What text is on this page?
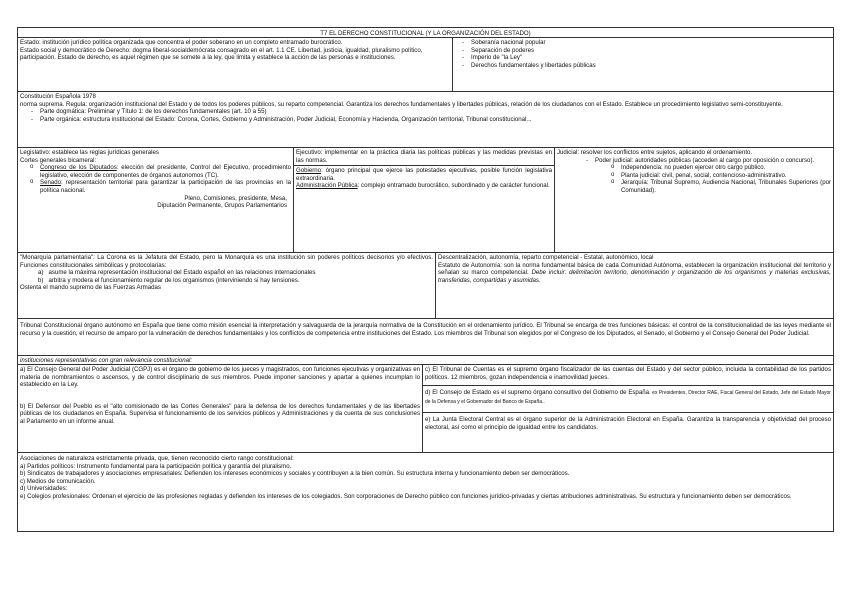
T7 EL DERECHO CONSTITUCIONAL (Y LA ORGANIZACIÓN DEL ESTADO)

Estado: institución jurídico política organizada que concentra el poder soberano en un completo entramado burocrático.

Estado social y democrático de Derecho: dogma liberal-socialdemócrata consagrado en el art. 1.1 CE. Libertad, justicia, igualdad, pluralismo político, participación. Estado de derecho, es aquel régimen que se somete a la ley, que limita y establece la acción de las personas e instituciones.

- Soberanía nacional popular
- Separación de poderes
- Imperio de "la Ley"
- Derechos fundamentales y libertades públicas

Constitución Española 1978

norma suprema. Regula: organización institucional del Estado y de todos los poderes públicos, su reparto competencial. Garantiza los derechos fundamentales y libertades públicas, relación de los ciudadanos con el Estado. Establece un procedimiento legislativo semi-constituyente.

- Parte dogmática: Preliminar y Título 1: de los derechos fundamentales (art. 10 a 55)
- Parte orgánica: estructura institucional del Estado: Corona, Cortes, Gobierno y Administración, Poder Judicial, Economía y Hacienda, Organización territorial, Tribunal constitucional...

Legislativo: establece las reglas jurídicas generales

Cortes generales bicameral:

o Congreso de los Diputados: elección del presidente, Control del Ejecutivo, procedimiento legislativo, elección de componentes de órganos autonomos (TC).
o Senado: representación territorial para garantizar la participación de las provincias en la política nacional.

Pleno, Comisiones, presidente, Mesa,

Diputación Permanente, Grupos Parlamentarios

Ejecutivo: implementar en la práctica diaria las políticas públicas y las medidas previstas en las normas.

Gobierno: órgano principal que ejerce las potestades ejecutivas, posible función legislativa extraordinaria.

Administración Pública: complejo entramado burocrático, subordinado y de carácter funcional.

Judicial: resolver los conflictos entre sujetos, aplicando el ordenamiento.

- Poder judicial: autoridades públicas (acceden al cargo por oposición o concurso).
o Independencia: no pueden ejercer otro cargo público.
o Planta judicial: civil, penal, social, contencioso-administrativo.
o Jerarquía: Tribunal Supremo, Audiencia Nacional, Tribunales Superiores (por Comunidad).

"Monarquía parlamentaria": La Corona es la Jefatura del Estado, pero la Monarquía es una institución sin poderes políticos decisorios y/o efectivos. Funciones constitucionales simbólicas y protocolarias:

a) asume la máxima representación institucional del Estado español en las relaciones internacionales

b) arbitra y modera el funcionamiento regular de los organismos (interviniendo si hay tensiones.

Ostenta el mando supremo de las Fuerzas Armadas

Descentralización, autonomía, reparto competencial - Estatal, autonómico, local

Estatuto de Autonomía: son la norma fundamental básica de cada Comunidad Autónoma, establecen la organización institucional del territorio y señalan su marco competencial. Debe incluir: delimitación territorio, denominación y organización de los organismos y materias exclusivas, transferidas, compartidas y asumidas.

Tribunal Constitucional órgano autónomo en España que tiene como misión esencial la interpretación y salvaguarda de la jerarquía normativa de la Constitución en el ordenamiento jurídico. El Tribunal se encarga de tres funciones básicas: el control de la constitucionalidad de las leyes mediante el recurso y la cuestión, el recurso de amparo por la vulneración de derechos fundamentales y los conflictos de competencia entre instituciones del Estado. Los miembros del Tribunal son elegidos por el Congreso de los Diputados, el Senado, el Gobierno y el Consejo General del Poder Judicial.

instituciones representativas con gran relevancia constitucional:

a) El Consejo General del Poder Judicial (CGPJ) es el órgano de gobierno de los jueces y magistrados, con funciones ejecutivas y organizativas en materia de nombramientos o ascensos, y de control disciplinario de sus miembros. Puede imponer sanciones y apartar a quienes incumplan lo establecido en la Ley.

b) El Defensor del Pueblo es el "alto comisionado de las Cortes Generales" para la defensa de los derechos fundamentales y de las libertades públicas de los ciudadanos en España. Supervisa el funcionamiento de los servicios públicos y Administraciones y da cuenta de sus conclusiones al Parlamento en un informe anual.

c) El Tribunal de Cuentas es el supremo órgano fiscalizador de las cuentas del Estado y del sector público, incluida la contabilidad de los partidos políticos. 12 miembros, gozan independencia e inamovilidad jueces.

d) El Consejo de Estado es el supremo órgano consultivo del Gobierno de España. ex Presidentes, Director RAE, Fiscal General del Estado, Jefe del Estado Mayor de la Defensa y el Gobernador del Banco de España..

e) La Junta Electoral Central es el órgano superior de la Administración Electoral en España. Garantiza la transparencia y objetividad del proceso electoral, así como el principio de igualdad entre los candidatos.

Asociaciones de naturaleza estrictamente privada, que, tienen reconocido cierto rango constitucional:

a) Partidos políticos: Instrumento fundamental para la participación política y garantía del pluralismo.

b) Sindicatos de trabajadores y asociaciones empresariales: Defienden los intereses económicos y sociales y contribuyen a la bien común. Su estructura interna y funcionamiento deben ser democráticos.

c) Medios de comunicación.

d) Universidades:

e) Colegios profesionales: Ordenan el ejercicio de las profesiones regladas y defienden los intereses de los colegiados. Son corporaciones de Derecho público con funciones jurídico-privadas y ciertas atribuciones administrativas. Su estructura y funcionamiento deben ser democráticos.
